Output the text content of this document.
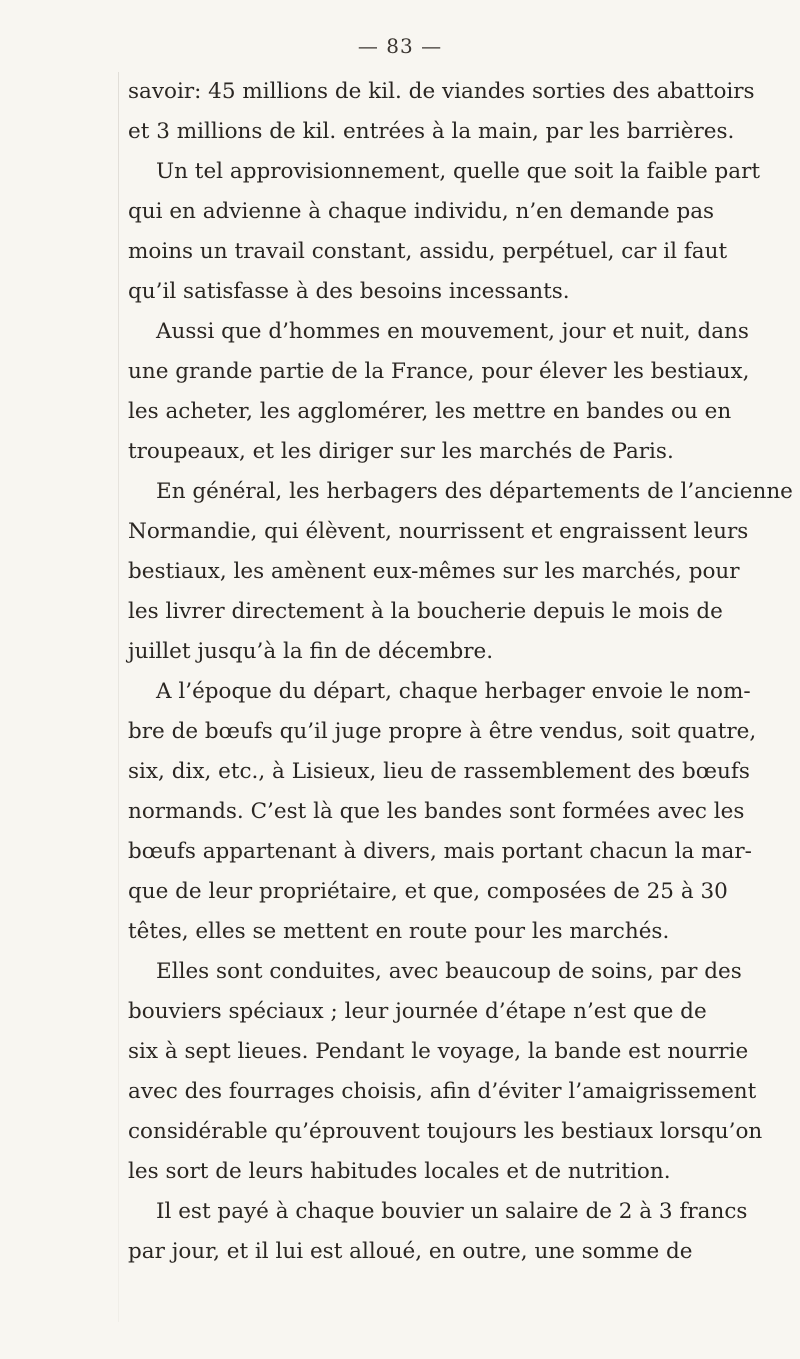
— 83 —
savoir: 45 millions de kil. de viandes sorties des abattoirs
et 3 millions de kil. entrées à la main, par les barrières.
Un tel approvisionnement, quelle que soit la faible part
qui en advienne à chaque individu, n’en demande pas
moins un travail constant, assidu, perpétuel, car il faut
qu’il satisfasse à des besoins incessants.
Aussi que d’hommes en mouvement, jour et nuit, dans
une grande partie de la France, pour élever les bestiaux,
les acheter, les agglomérer, les mettre en bandes ou en
troupeaux, et les diriger sur les marchés de Paris.
En général, les herbagers des départements de l’ancienne
Normandie, qui élèvent, nourrissent et engraissent leurs
bestiaux, les amènent eux-mêmes sur les marchés, pour
les livrer directement à la boucherie depuis le mois de
juillet jusqu’à la fin de décembre.
A l’époque du départ, chaque herbager envoie le nom-
bre de bœufs qu’il juge propre à être vendus, soit quatre,
six, dix, etc., à Lisieux, lieu de rassemblement des bœufs
normands. C’est là que les bandes sont formées avec les
bœufs appartenant à divers, mais portant chacun la mar-
que de leur propriétaire, et que, composées de 25 à 30
têtes, elles se mettent en route pour les marchés.
Elles sont conduites, avec beaucoup de soins, par des
bouviers spéciaux ; leur journée d’étape n’est que de
six à sept lieues. Pendant le voyage, la bande est nourrie
avec des fourrages choisis, afin d’éviter l’amaigrissement
considérable qu’éprouvent toujours les bestiaux lorsqu’on
les sort de leurs habitudes locales et de nutrition.
Il est payé à chaque bouvier un salaire de 2 à 3 francs
par jour, et il lui est alloué, en outre, une somme de
